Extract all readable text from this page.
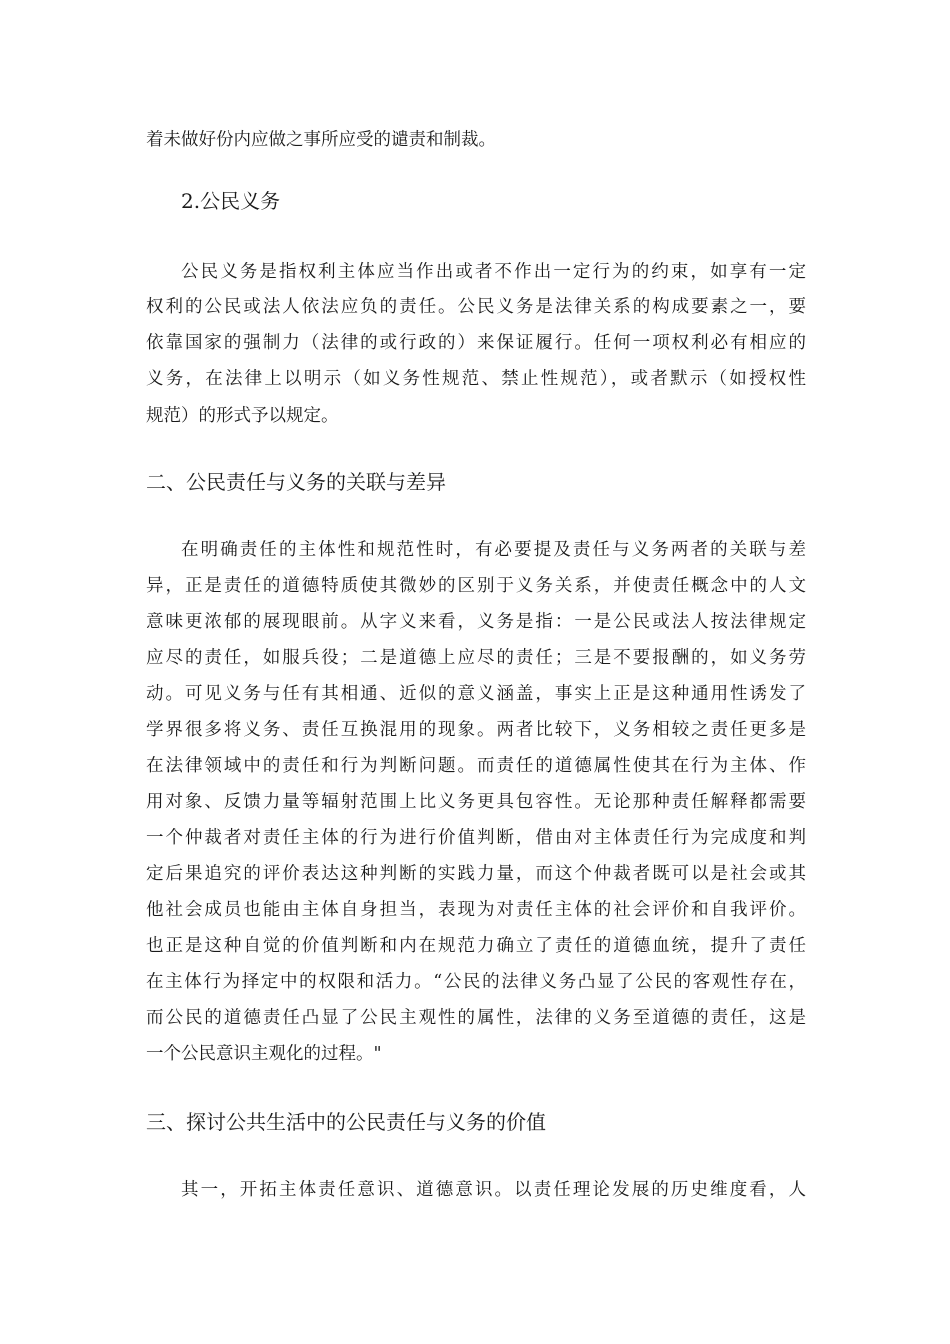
着未做好份内应做之事所应受的谴责和制裁。
2.公民义务
公民义务是指权利主体应当作出或者不作出一定行为的约束，如享有一定
权利的公民或法人依法应负的责任。公民义务是法律关系的构成要素之一，要
依靠国家的强制力（法律的或行政的）来保证履行。任何一项权利必有相应的
义务，在法律上以明示（如义务性规范、禁止性规范），或者默示（如授权性
规范）的形式予以规定。
二、公民责任与义务的关联与差异
在明确责任的主体性和规范性时，有必要提及责任与义务两者的关联与差
异，正是责任的道德特质使其微妙的区别于义务关系，并使责任概念中的人文
意味更浓郁的展现眼前。从字义来看，义务是指：一是公民或法人按法律规定
应尽的责任，如服兵役；二是道德上应尽的责任；三是不要报酬的，如义务劳
动。可见义务与任有其相通、近似的意义涵盖，事实上正是这种通用性诱发了
学界很多将义务、责任互换混用的现象。两者比较下，义务相较之责任更多是
在法律领域中的责任和行为判断问题。而责任的道德属性使其在行为主体、作
用对象、反馈力量等辐射范围上比义务更具包容性。无论那种责任解释都需要
一个仲裁者对责任主体的行为进行价值判断，借由对主体责任行为完成度和判
定后果追究的评价表达这种判断的实践力量，而这个仲裁者既可以是社会或其
他社会成员也能由主体自身担当，表现为对责任主体的社会评价和自我评价。
也正是这种自觉的价值判断和内在规范力确立了责任的道德血统，提升了责任
在主体行为择定中的权限和活力。“公民的法律义务凸显了公民的客观性存在，
而公民的道德责任凸显了公民主观性的属性，法律的义务至道德的责任，这是
一个公民意识主观化的过程。"
三、探讨公共生活中的公民责任与义务的价值
其一，开拓主体责任意识、道德意识。以责任理论发展的历史维度看，人
